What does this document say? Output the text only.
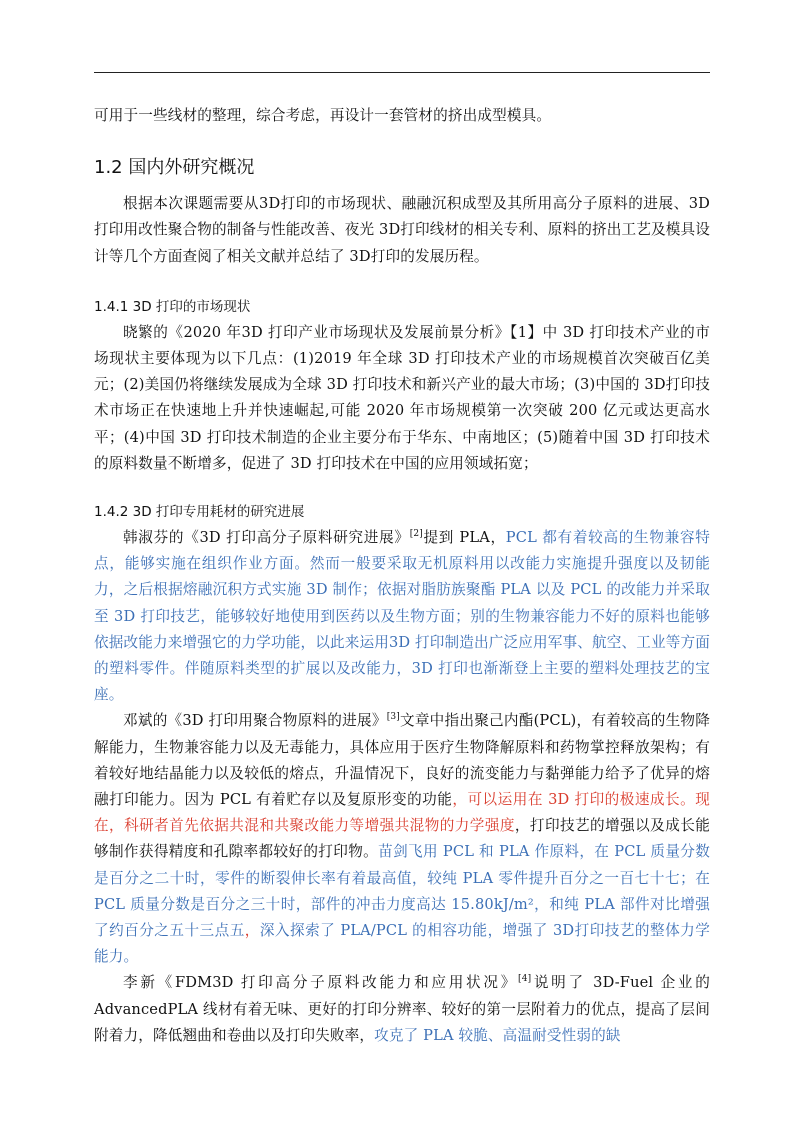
可用于一些线材的整理，综合考虑，再设计一套管材的挤出成型模具。

1.2 国内外研究概况

根据本次课题需要从3D打印的市场现状、融融沉积成型及其所用高分子原料的进展、3D打印用改性聚合物的制备与性能改善、夜光 3D打印线材的相关专利、原料的挤出工艺及模具设计等几个方面查阅了相关文献并总结了 3D打印的发展历程。

1.4.1 3D 打印的市场现状

晓繁的《2020 年3D 打印产业市场现状及发展前景分析》【1】中 3D 打印技术产业的市场现状主要体现为以下几点：(1)2019 年全球 3D 打印技术产业的市场规模首次突破百亿美元；(2)美国仍将继续发展成为全球 3D 打印技术和新兴产业的最大市场；(3)中国的 3D打印技术市场正在快速地上升并快速崛起,可能 2020 年市场规模第一次突破 200 亿元或达更高水平；(4)中国 3D 打印技术制造的企业主要分布于华东、中南地区；(5)随着中国 3D 打印技术的原料数量不断增多，促进了 3D 打印技术在中国的应用领域拓宽；

1.4.2 3D 打印专用耗材的研究进展

韩淑芬的《3D 打印高分子原料研究进展》[2]提到 PLA，PCL 都有着较高的生物兼容特点，能够实施在组织作业方面。然而一般要采取无机原料用以改能力实施提升强度以及韧能力，之后根据熔融沉积方式实施 3D 制作；依据对脂肪族聚酯 PLA 以及 PCL 的改能力并采取至 3D 打印技艺，能够较好地使用到医药以及生物方面；别的生物兼容能力不好的原料也能够依据改能力来增强它的力学功能，以此来运用3D 打印制造出广泛应用军事、航空、工业等方面的塑料零件。伴随原料类型的扩展以及改能力，3D 打印也渐渐登上主要的塑料处理技艺的宝座。

邓斌的《3D 打印用聚合物原料的进展》[3]文章中指出聚己内酯(PCL)，有着较高的生物降解能力，生物兼容能力以及无毒能力，具体应用于医疗生物降解原料和药物掌控释放架构；有着较好地结晶能力以及较低的熔点，升温情况下，良好的流变能力与黏弹能力给予了优异的熔融打印能力。因为 PCL 有着贮存以及复原形变的功能，可以运用在 3D 打印的极速成长。现在，科研者首先依据共混和共聚改能力等增强共混物的力学强度，打印技艺的增强以及成长能够制作获得精度和孔隙率都较好的打印物。苗剑飞用 PCL 和 PLA 作原料，在 PCL 质量分数是百分之二十时，零件的断裂伸长率有着最高值，较纯 PLA 零件提升百分之一百七十七；在 PCL 质量分数是百分之三十时，部件的冲击力度高达 15.80kJ/m²，和纯 PLA 部件对比增强了约百分之五十三点五，深入探索了 PLA/PCL 的相容功能，增强了 3D打印技艺的整体力学能力。

李新《FDM3D 打印高分子原料改能力和应用状况》[4]说明了 3D-Fuel 企业的 AdvancedPLA 线材有着无味、更好的打印分辨率、较好的第一层附着力的优点，提高了层间附着力，降低翘曲和卷曲以及打印失败率，攻克了 PLA 较脆、高温耐受性弱的缺
